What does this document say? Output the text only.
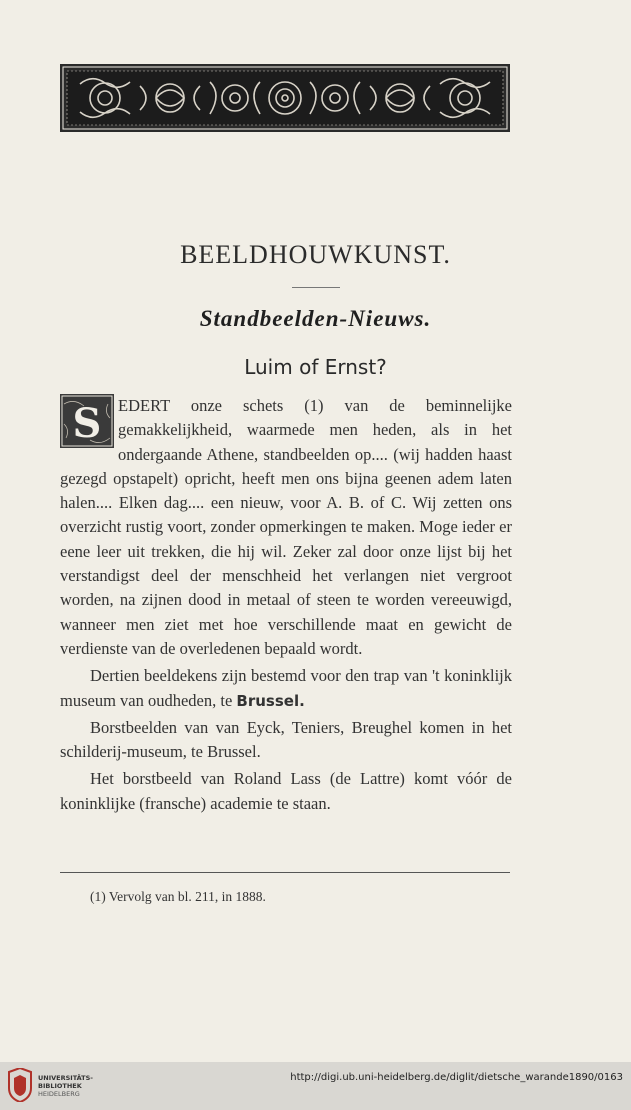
BEELDHOUWKUNST.
Standbeelden-Nieuws.
Luim of Ernst?

S EDERT onze schets (1) van de beminnelijke gemakkelijkheid, waarmede men heden, als in het ondergaande Athene, standbeelden op.... (wij hadden haast gezegd opstapelt) opricht, heeft men ons bijna geenen adem laten halen.... Elken dag.... een nieuw, voor A. B. of C. Wij zetten ons overzicht rustig voort, zonder opmerkingen te maken. Moge ieder er eene leer uit trekken, die hij wil. Zeker zal door onze lijst bij het verstandigst deel der menschheid het verlangen niet vergroot worden, na zijnen dood in metaal of steen te worden vereeuwigd, wanneer men ziet met hoe verschillende maat en gewicht de verdienste van de overledenen bepaald wordt.

Dertien beeldekens zijn bestemd voor den trap van 't koninklijk museum van oudheden, te Brussel.

Borstbeelden van van Eyck, Teniers, Breughel komen in het schilderij-museum, te Brussel.

Het borstbeeld van Roland Lass (de Lattre) komt vóór de koninklijke (fransche) academie te staan.

(1) Vervolg van bl. 211, in 1888.
UNIVERSITÄTS-
BIBLIOTHEK
HEIDELBERG
http://digi.ub.uni-heidelberg.de/diglit/dietsche_warande1890/0163
